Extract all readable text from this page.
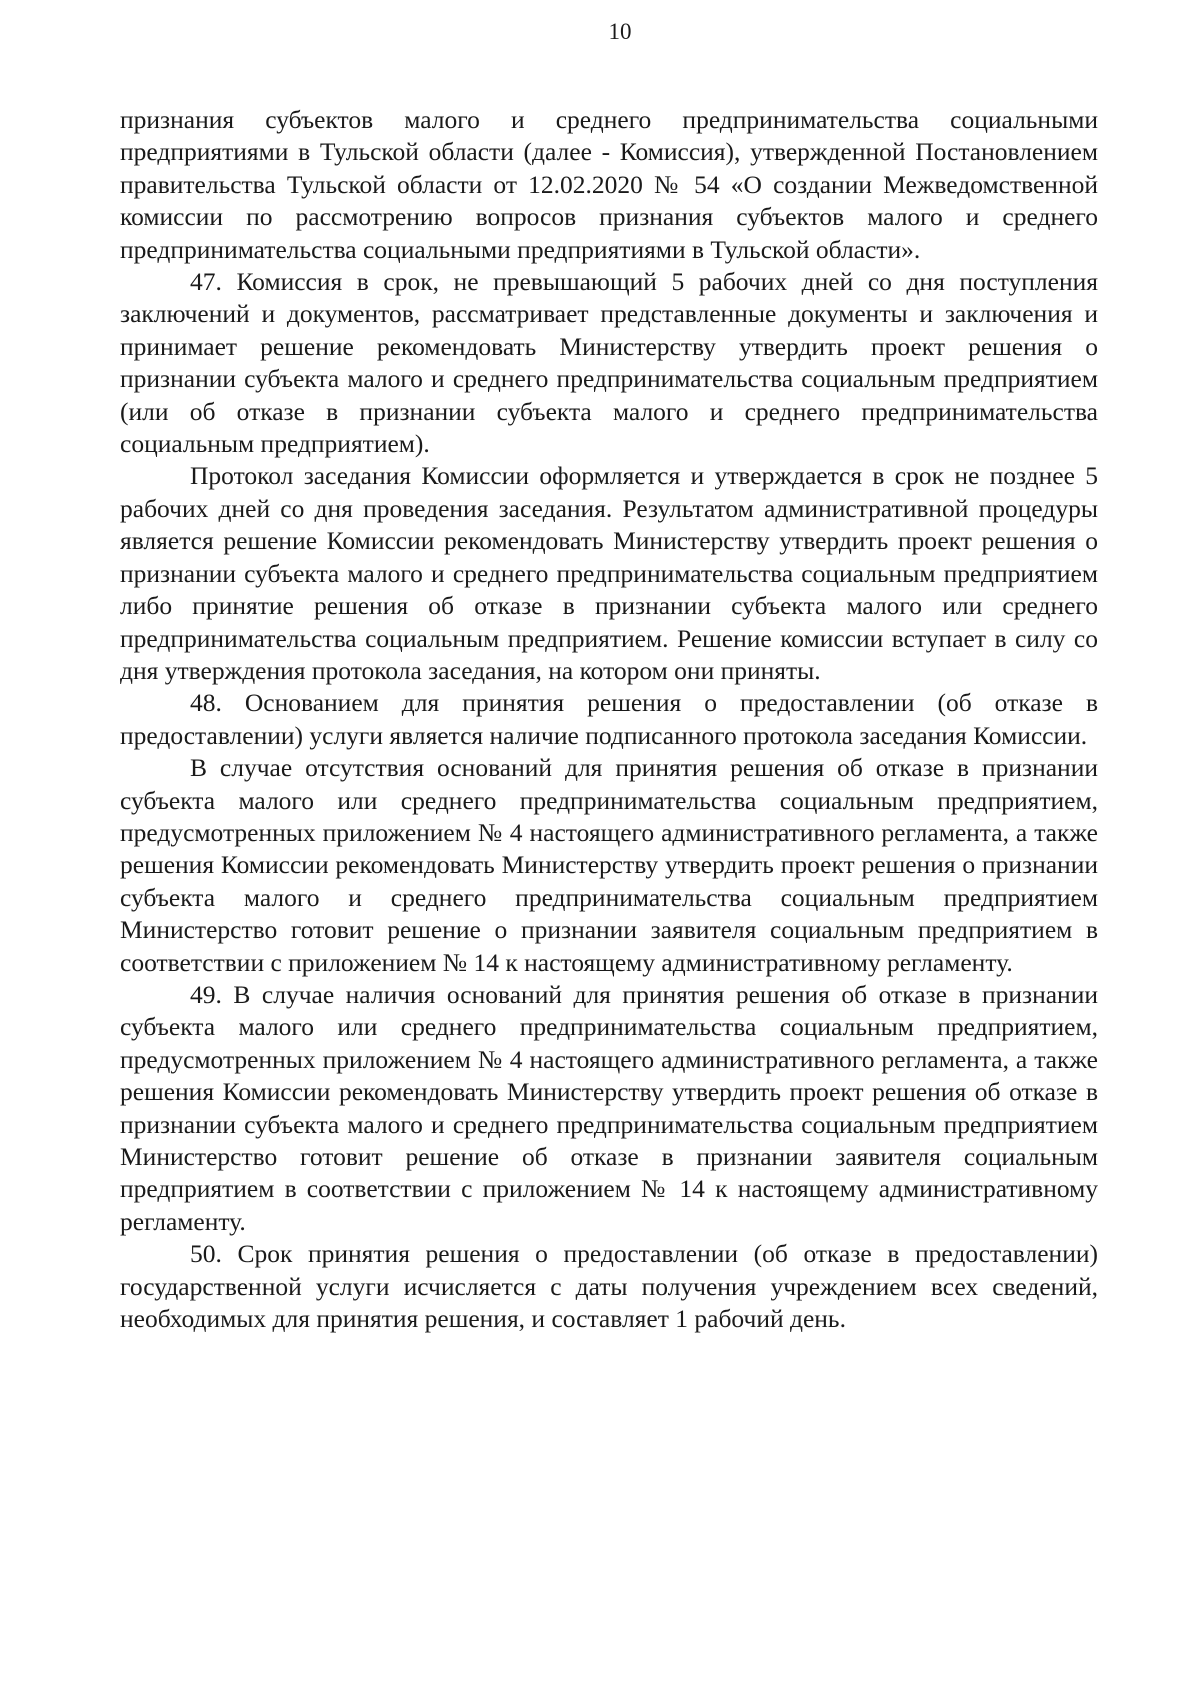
10

признания субъектов малого и среднего предпринимательства социальными предприятиями в Тульской области (далее - Комиссия), утвержденной Постановлением правительства Тульской области от 12.02.2020 № 54 «О создании Межведомственной комиссии по рассмотрению вопросов признания субъектов малого и среднего предпринимательства социальными предприятиями в Тульской области».

47. Комиссия в срок, не превышающий 5 рабочих дней со дня поступления заключений и документов, рассматривает представленные документы и заключения и принимает решение рекомендовать Министерству утвердить проект решения о признании субъекта малого и среднего предпринимательства социальным предприятием (или об отказе в признании субъекта малого и среднего предпринимательства социальным предприятием).

Протокол заседания Комиссии оформляется и утверждается в срок не позднее 5 рабочих дней со дня проведения заседания. Результатом административной процедуры является решение Комиссии рекомендовать Министерству утвердить проект решения о признании субъекта малого и среднего предпринимательства социальным предприятием либо принятие решения об отказе в признании субъекта малого или среднего предпринимательства социальным предприятием. Решение комиссии вступает в силу со дня утверждения протокола заседания, на котором они приняты.

48. Основанием для принятия решения о предоставлении (об отказе в предоставлении) услуги является наличие подписанного протокола заседания Комиссии.

В случае отсутствия оснований для принятия решения об отказе в признании субъекта малого или среднего предпринимательства социальным предприятием, предусмотренных приложением № 4 настоящего административного регламента, а также решения Комиссии рекомендовать Министерству утвердить проект решения о признании субъекта малого и среднего предпринимательства социальным предприятием Министерство готовит решение о признании заявителя социальным предприятием в соответствии с приложением № 14 к настоящему административному регламенту.

49. В случае наличия оснований для принятия решения об отказе в признании субъекта малого или среднего предпринимательства социальным предприятием, предусмотренных приложением № 4 настоящего административного регламента, а также решения Комиссии рекомендовать Министерству утвердить проект решения об отказе в признании субъекта малого и среднего предпринимательства социальным предприятием Министерство готовит решение об отказе в признании заявителя социальным предприятием в соответствии с приложением № 14 к настоящему административному регламенту.

50. Срок принятия решения о предоставлении (об отказе в предоставлении) государственной услуги исчисляется с даты получения учреждением всех сведений, необходимых для принятия решения, и составляет 1 рабочий день.
